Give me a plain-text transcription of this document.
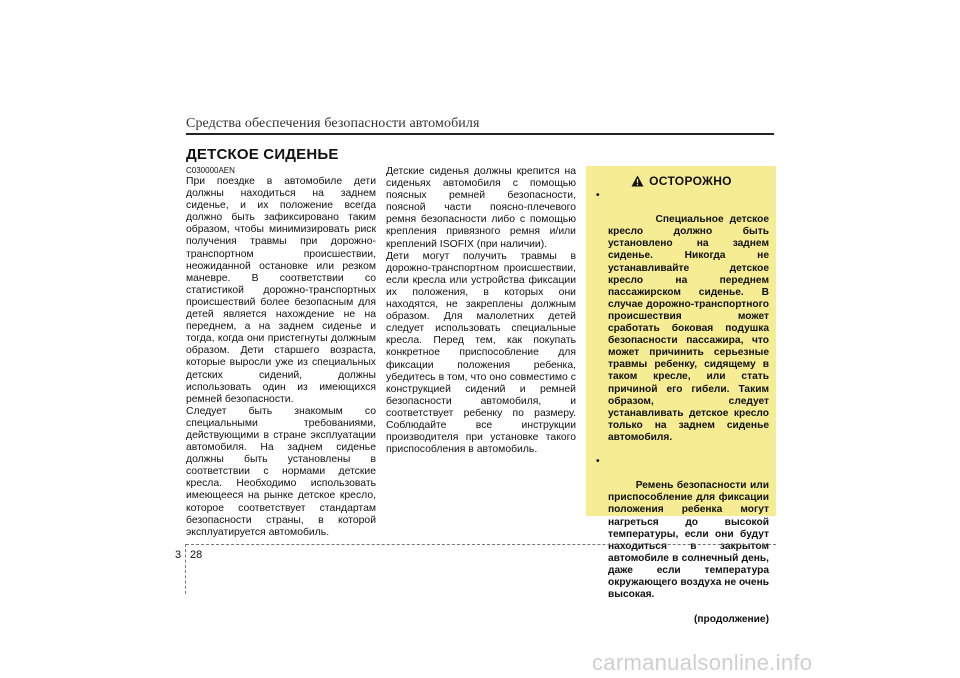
Средства обеспечения безопасности автомобиля
ДЕТСКОЕ СИДЕНЬЕ
C030000AEN
При поездке в автомобиле дети должны находиться на заднем сиденье, и их положение всегда должно быть зафиксировано таким образом, чтобы минимизировать риск получения травмы при дорожно-транспортном происшествии, неожиданной остановке или резком маневре. В соответствии со статистикой дорожно-транспортных происшествий более безопасным для детей является нахождение не на переднем, а на заднем сиденье и тогда, когда они пристегнуты должным образом. Дети старшего возраста, которые выросли уже из специальных детских сидений, должны использовать один из имеющихся ремней безопасности.
Следует быть знакомым со специальными требованиями, действующими в стране эксплуатации автомобиля. На заднем сиденье должны быть установлены в соответствии с нормами детские кресла. Необходимо использовать имеющееся на рынке детское кресло, которое соответствует стандартам безопасности страны, в которой эксплуатируется автомобиль.
Детские сиденья должны крепится на сиденьях автомобиля с помощью поясных ремней безопасности, поясной части поясно-плечевого ремня безопасности либо с помощью крепления привязного ремня и/или креплений ISOFIX (при наличии).
Дети могут получить травмы в дорожно-транспортном происшествии, если кресла или устройства фиксации их положения, в которых они находятся, не закреплены должным образом. Для малолетних детей следует использовать специальные кресла. Перед тем, как покупать конкретное приспособление для фиксации положения ребенка, убедитесь в том, что оно совместимо с конструкцией сидений и ремней безопасности автомобиля, и соответствует ребенку по размеру. Соблюдайте все инструкции производителя при установке такого приспособления в автомобиль.
ОСТОРОЖНО

•

Специальное детское кресло должно быть установлено на заднем сиденье. Никогда не устанавливайте детское кресло на переднем пассажирском сиденье. В случае дорожно-транспортного происшествия может сработать боковая подушка безопасности пассажира, что может причинить серьезные травмы ребенку, сидящему в таком кресле, или стать причиной его гибели. Таким образом, следует устанавливать детское кресло только на заднем сиденье автомобиля.

•

Ремень безопасности или приспособление для фиксации положения ребенка могут нагреться до высокой температуры, если они будут находиться в закрытом автомобиле в солнечный день, даже если температура окружающего воздуха не очень высокая.

(продолжение)
3 28
carmanualsonline.info
